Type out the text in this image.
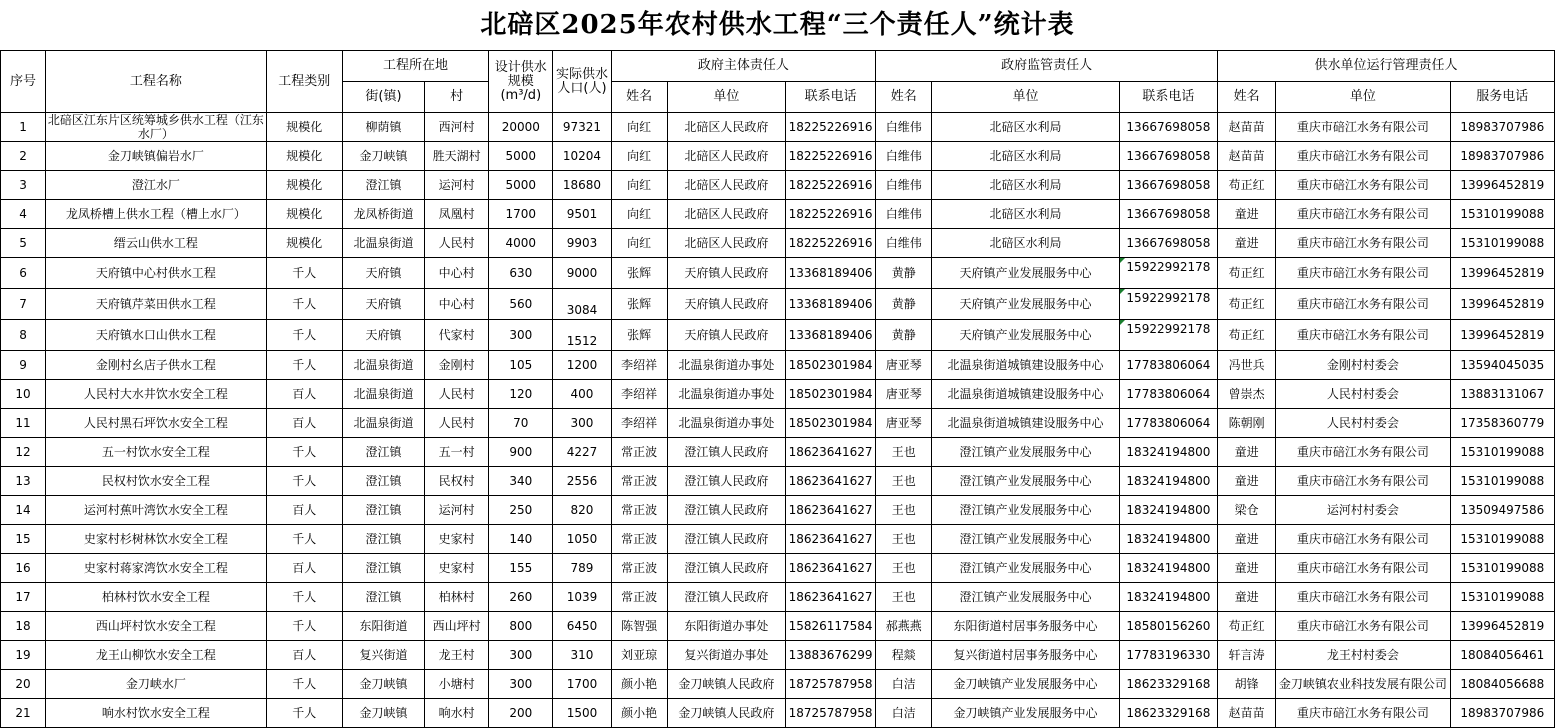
北碚区2025年农村供水工程“三个责任人”统计表
序号	工程名称	工程类别	工程所在地		设计供水规模(m³/d)	实际供水人口(人)	政府主体责任人			政府监管责任人			供水单位运行管理责任人		
			街(镇)	村			姓名	单位	联系电话	姓名	单位	联系电话	姓名	单位	服务电话
1	北碚区江东片区统筹城乡供水工程（江东水厂）	规模化	柳荫镇	西河村	20000	97321	向红	北碚区人民政府	18225226916	白维伟	北碚区水利局	13667698058	赵苗苗	重庆市碚江水务有限公司	18983707986
2	金刀峡镇偏岩水厂	规模化	金刀峡镇	胜天湖村	5000	10204	向红	北碚区人民政府	18225226916	白维伟	北碚区水利局	13667698058	赵苗苗	重庆市碚江水务有限公司	18983707986
3	澄江水厂	规模化	澄江镇	运河村	5000	18680	向红	北碚区人民政府	18225226916	白维伟	北碚区水利局	13667698058	苟正红	重庆市碚江水务有限公司	13996452819
4	龙凤桥槽上供水工程（槽上水厂）	规模化	龙凤桥街道	凤凰村	1700	9501	向红	北碚区人民政府	18225226916	白维伟	北碚区水利局	13667698058	童进	重庆市碚江水务有限公司	15310199088
5	缙云山供水工程	规模化	北温泉街道	人民村	4000	9903	向红	北碚区人民政府	18225226916	白维伟	北碚区水利局	13667698058	童进	重庆市碚江水务有限公司	15310199088
6	天府镇中心村供水工程	千人	天府镇	中心村	630	9000	张辉	天府镇人民政府	13368189406	黄静	天府镇产业发展服务中心	15922992178	苟正红	重庆市碚江水务有限公司	13996452819
7	天府镇芹菜田供水工程	千人	天府镇	中心村	560	3084	张辉	天府镇人民政府	13368189406	黄静	天府镇产业发展服务中心	15922992178	苟正红	重庆市碚江水务有限公司	13996452819
8	天府镇水口山供水工程	千人	天府镇	代家村	300	1512	张辉	天府镇人民政府	13368189406	黄静	天府镇产业发展服务中心	15922992178	苟正红	重庆市碚江水务有限公司	13996452819
9	金刚村幺店子供水工程	千人	北温泉街道	金刚村	105	1200	李绍祥	北温泉街道办事处	18502301984	唐亚琴	北温泉街道城镇建设服务中心	17783806064	冯世兵	金刚村村委会	13594045035
10	人民村大水井饮水安全工程	百人	北温泉街道	人民村	120	400	李绍祥	北温泉街道办事处	18502301984	唐亚琴	北温泉街道城镇建设服务中心	17783806064	曾崇杰	人民村村委会	13883131067
11	人民村黑石坪饮水安全工程	百人	北温泉街道	人民村	70	300	李绍祥	北温泉街道办事处	18502301984	唐亚琴	北温泉街道城镇建设服务中心	17783806064	陈朝刚	人民村村委会	17358360779
12	五一村饮水安全工程	千人	澄江镇	五一村	900	4227	常正波	澄江镇人民政府	18623641627	王也	澄江镇产业发展服务中心	18324194800	童进	重庆市碚江水务有限公司	15310199088
13	民权村饮水安全工程	千人	澄江镇	民权村	340	2556	常正波	澄江镇人民政府	18623641627	王也	澄江镇产业发展服务中心	18324194800	童进	重庆市碚江水务有限公司	15310199088
14	运河村蕉叶湾饮水安全工程	百人	澄江镇	运河村	250	820	常正波	澄江镇人民政府	18623641627	王也	澄江镇产业发展服务中心	18324194800	梁仓	运河村村委会	13509497586
15	史家村杉树林饮水安全工程	千人	澄江镇	史家村	140	1050	常正波	澄江镇人民政府	18623641627	王也	澄江镇产业发展服务中心	18324194800	童进	重庆市碚江水务有限公司	15310199088
16	史家村蒋家湾饮水安全工程	百人	澄江镇	史家村	155	789	常正波	澄江镇人民政府	18623641627	王也	澄江镇产业发展服务中心	18324194800	童进	重庆市碚江水务有限公司	15310199088
17	柏林村饮水安全工程	千人	澄江镇	柏林村	260	1039	常正波	澄江镇人民政府	18623641627	王也	澄江镇产业发展服务中心	18324194800	童进	重庆市碚江水务有限公司	15310199088
18	西山坪村饮水安全工程	千人	东阳街道	西山坪村	800	6450	陈智强	东阳街道办事处	15826117584	郝燕燕	东阳街道村居事务服务中心	18580156260	苟正红	重庆市碚江水务有限公司	13996452819
19	龙王山柳饮水安全工程	百人	复兴街道	龙王村	300	310	刘亚琼	复兴街道办事处	13883676299	程燚	复兴街道村居事务服务中心	17783196330	轩言涛	龙王村村委会	18084056461
20	金刀峡水厂	千人	金刀峡镇	小塘村	300	1700	颜小艳	金刀峡镇人民政府	18725787958	白洁	金刀峡镇产业发展服务中心	18623329168	胡锋	金刀峡镇农业科技发展有限公司	18084056688
21	响水村饮水安全工程	千人	金刀峡镇	响水村	200	1500	颜小艳	金刀峡镇人民政府	18725787958	白洁	金刀峡镇产业发展服务中心	18623329168	赵苗苗	重庆市碚江水务有限公司	18983707986
